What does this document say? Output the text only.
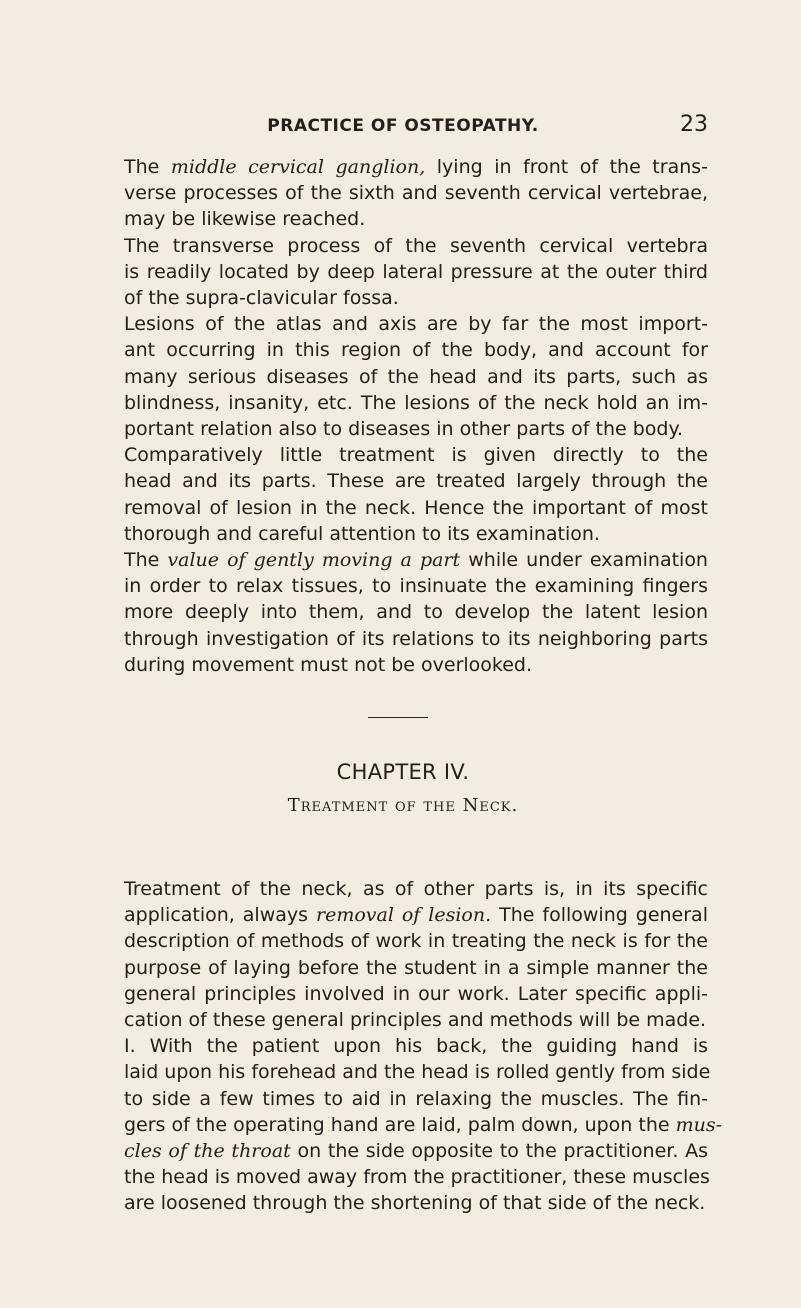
PRACTICE OF OSTEOPATHY.	23
The middle cervical ganglion, lying in front of the trans-
verse processes of the sixth and seventh cervical vertebrae,
may be likewise reached.
The transverse process of the seventh cervical vertebra
is readily located by deep lateral pressure at the outer third
of the supra-clavicular fossa.
Lesions of the atlas and axis are by far the most import-
ant occurring in this region of the body, and account for
many serious diseases of the head and its parts, such as
blindness, insanity, etc. The lesions of the neck hold an im-
portant relation also to diseases in other parts of the body.
Comparatively little treatment is given directly to the
head and its parts. These are treated largely through the
removal of lesion in the neck. Hence the important of most
thorough and careful attention to its examination.
The value of gently moving a part while under examination
in order to relax tissues, to insinuate the examining fingers
more deeply into them, and to develop the latent lesion
through investigation of its relations to its neighboring parts
during movement must not be overlooked.
CHAPTER IV.
Treatment of the Neck.
Treatment of the neck, as of other parts is, in its specific
application, always removal of lesion. The following general
description of methods of work in treating the neck is for the
purpose of laying before the student in a simple manner the
general principles involved in our work. Later specific appli-
cation of these general principles and methods will be made.
I. With the patient upon his back, the guiding hand is
laid upon his forehead and the head is rolled gently from side
to side a few times to aid in relaxing the muscles. The fin-
gers of the operating hand are laid, palm down, upon the mus-
cles of the throat on the side opposite to the practitioner. As
the head is moved away from the practitioner, these muscles
are loosened through the shortening of that side of the neck.
